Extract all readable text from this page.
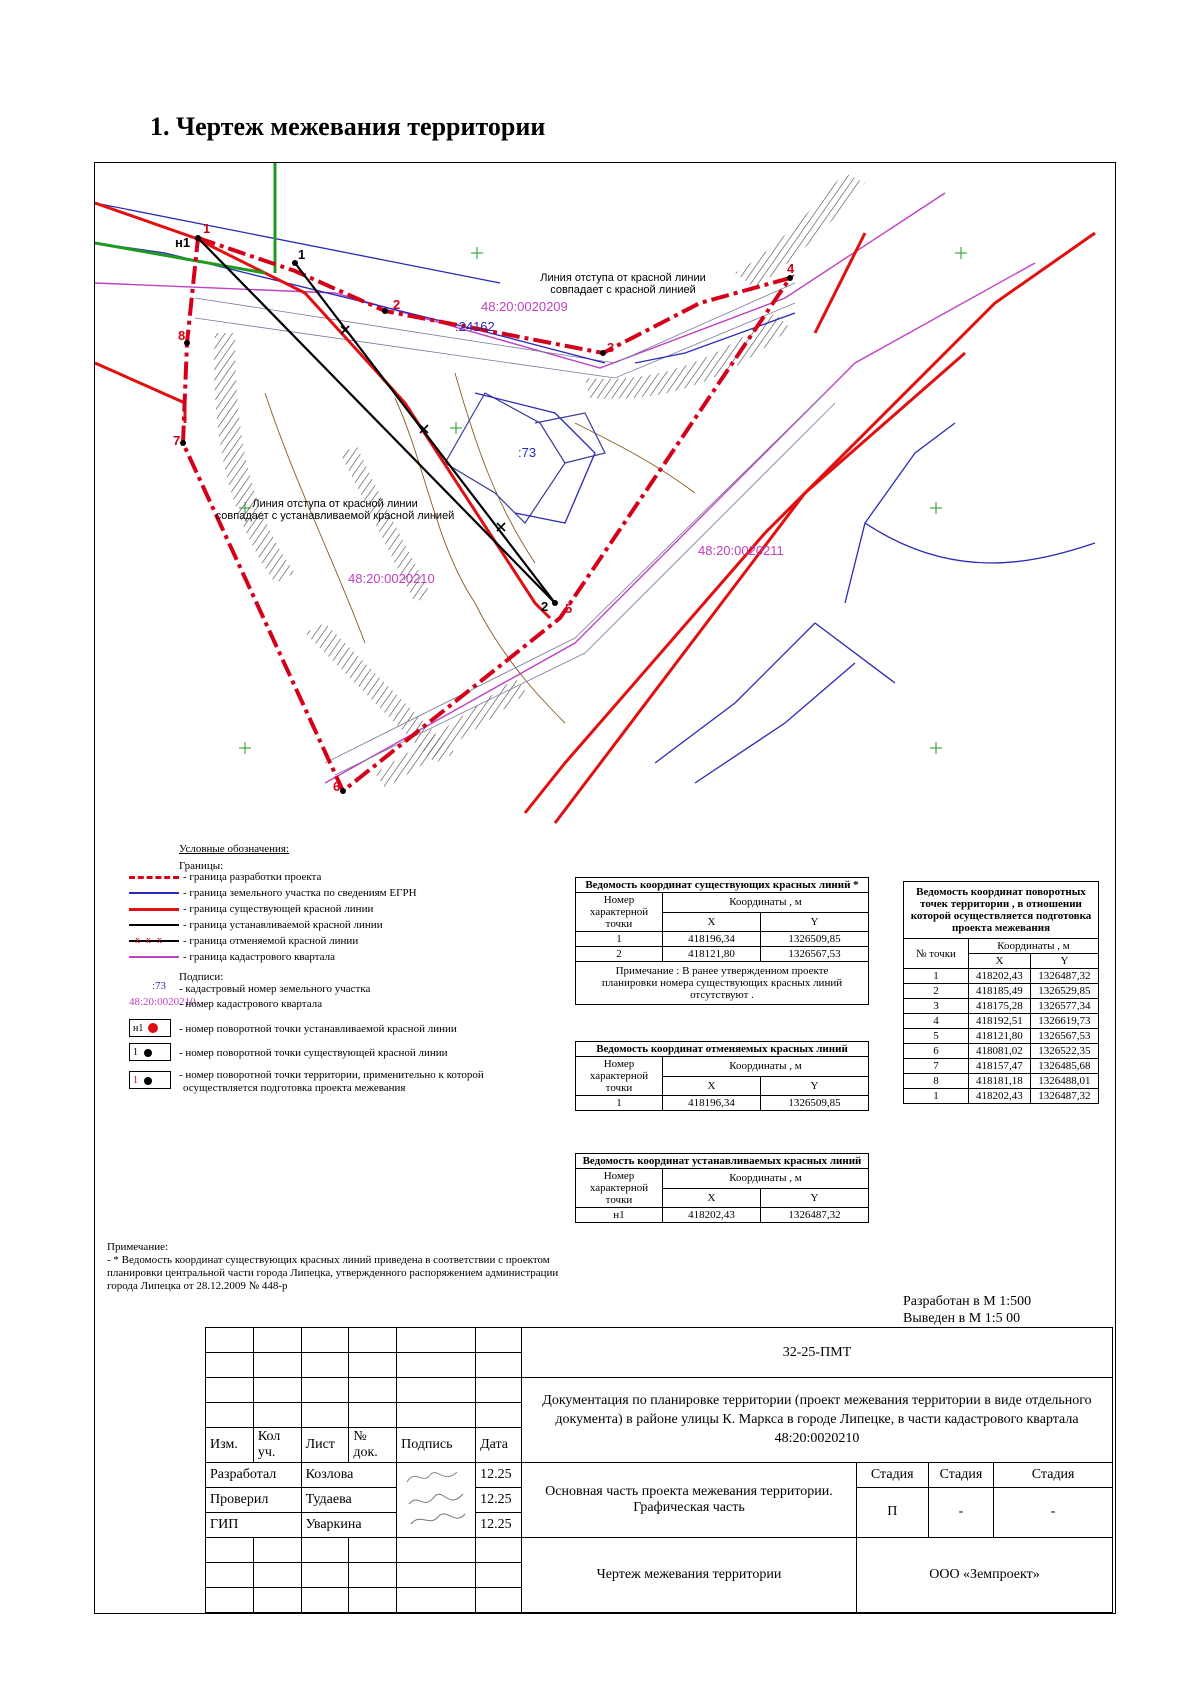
1. Чертеж межевания территории
1
2
3
4
5
6
7
8
1
2
н1
48:20:0020209
48:20:0020210
48:20:0020211
:24162
:73
Линия отступа от красной линии
совпадает с красной линией
Линия отступа от красной линии
совпадает с устанавливаемой красной линией
Условные обозначения:
Границы:
- граница разработки проекта
- граница земельного участка по сведениям ЕГРН
- граница существующей красной линии
- граница устанавливаемой красной линии
xxx - граница отменяемой красной линии
- граница кадастрового квартала
Подписи:
:73	- кадастровый номер земельного участка
48:20:0020210
- номер кадастрового квартала
н1	- номер поворотной точки устанавливаемой красной линии
1	- номер поворотной точки существующей красной линии
1	- номер поворотной точки территории, применительно к которой
осуществляется подготовка проекта межевания
Ведомость координат существующих красных линий *		
Номер характерной точки	Координаты , м	
	X	Y
1	418196,34	1326509,85
2	418121,80	1326567,53
Примечание : В ранее утвержденном проекте планировки номера существующих красных линий отсутствуют .		
Ведомость координат отменяемых красных линий		
Номер характерной точки	Координаты , м	
	X	Y
1	418196,34	1326509,85
Ведомость координат устанавливаемых красных линий		
Номер характерной точки	Координаты , м	
	X	Y
н1	418202,43	1326487,32
Ведомость координат поворотных точек территории , в отношении которой осуществляется подготовка проекта межевания		
№ точки	Координаты , м	
	X	Y
1	418202,43	1326487,32
2	418185,49	1326529,85
3	418175,28	1326577,34
4	418192,51	1326619,73
5	418121,80	1326567,53
6	418081,02	1326522,35
7	418157,47	1326485,68
8	418181,18	1326488,01
1	418202,43	1326487,32
Примечание:
- * Ведомость координат существующих красных линий приведена в соответствии с проектом
планировки центральной части города Липецка, утвержденного распоряжением администрации
города Липецка от 28.12.2009 № 448-р
Разработан в М 1:500
Выведен в М 1:5 00
						32-25-ПМТ			

						Документация по планировке территории (проект межевания территории в виде отдельного документа) в районе улицы К. Маркса в городе Липецке, в части кадастрового квартала 48:20:0020210			

Изм.	Кол уч.	Лист	№ док.	Подпись	Дата				
Разработал		Козлова			12.25	Основная часть проекта межевания территории. Графическая часть	Стадия	Стадия	Стадия
Проверил		Тудаева			12.25		П	-	-
ГИП		Уваркина			12.25				
						Чертеж межевания территории	ООО «Земпроект»		
